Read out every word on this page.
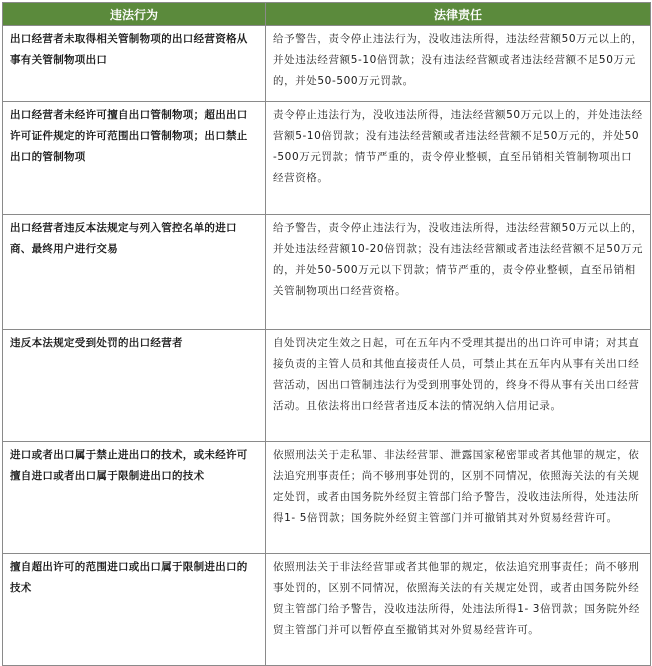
违法行为	法律责任
出口经营者未取得相关管制物项的出口经营资格从事有关管制物项出口	给予警告，责令停止违法行为，没收违法所得，违法经营额50万元以上的，并处违法经营额5-10倍罚款；没有违法经营额或者违法经营额不足50万元的，并处50-500万元罚款。
出口经营者未经许可擅自出口管制物项；超出出口许可证件规定的许可范围出口管制物项；出口禁止出口的管制物项	责令停止违法行为，没收违法所得，违法经营额50万元以上的，并处违法经营额5-10倍罚款；没有违法经营额或者违法经营额不足50万元的，并处50-500万元罚款；情节严重的，责令停业整顿，直至吊销相关管制物项出口经营资格。
出口经营者违反本法规定与列入管控名单的进口商、最终用户进行交易	给予警告，责令停止违法行为，没收违法所得，违法经营额50万元以上的，并处违法经营额10-20倍罚款；没有违法经营额或者违法经营额不足50万元的，并处50-500万元以下罚款；情节严重的，责令停业整顿，直至吊销相关管制物项出口经营资格。
违反本法规定受到处罚的出口经营者	自处罚决定生效之日起，可在五年内不受理其提出的出口许可申请；对其直接负责的主管人员和其他直接责任人员，可禁止其在五年内从事有关出口经营活动，因出口管制违法行为受到刑事处罚的，终身不得从事有关出口经营活动。且依法将出口经营者违反本法的情况纳入信用记录。
进口或者出口属于禁止进出口的技术，或未经许可擅自进口或者出口属于限制进出口的技术	依照刑法关于走私罪、非法经营罪、泄露国家秘密罪或者其他罪的规定，依法追究刑事责任；尚不够刑事处罚的，区别不同情况，依照海关法的有关规定处罚，或者由国务院外经贸主管部门给予警告，没收违法所得，处违法所得1- 5倍罚款；国务院外经贸主管部门并可撤销其对外贸易经营许可。
擅自超出许可的范围进口或出口属于限制进出口的技术	依照刑法关于非法经营罪或者其他罪的规定，依法追究刑事责任；尚不够刑事处罚的，区别不同情况，依照海关法的有关规定处罚，或者由国务院外经贸主管部门给予警告，没收违法所得，处违法所得1- 3倍罚款；国务院外经贸主管部门并可以暂停直至撤销其对外贸易经营许可。
